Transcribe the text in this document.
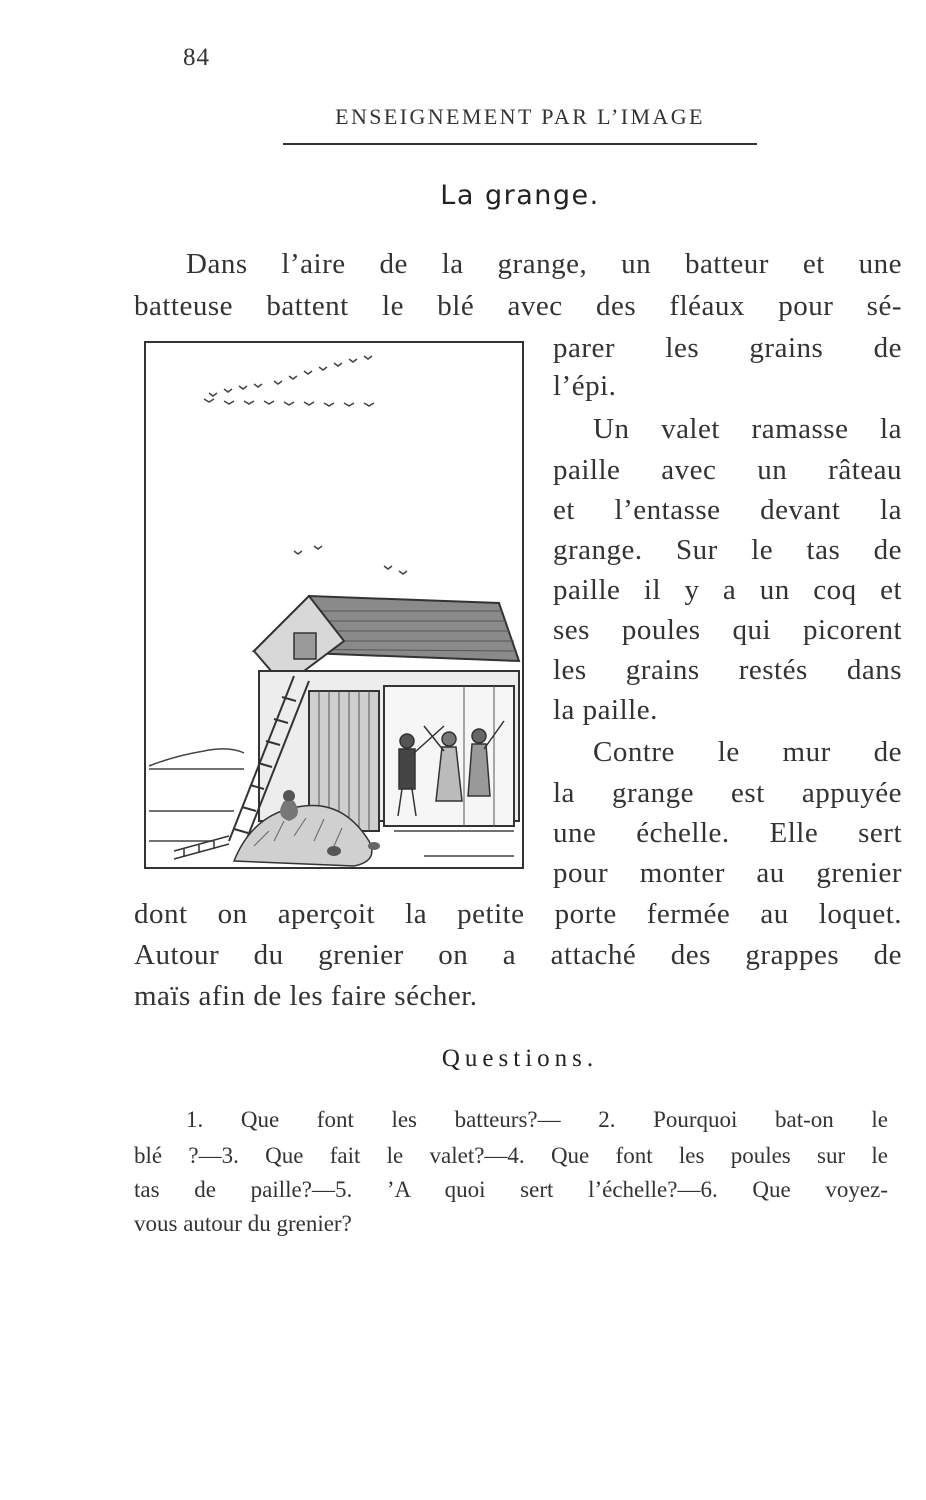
84
ENSEIGNEMENT PAR L’IMAGE
La grange.
Dans l’aire de la grange, un batteur et une
batteuse battent le blé avec des fléaux pour sé-
parer les grains de
l’épi.
Un valet ramasse la
paille avec un râteau
et l’entasse devant la
grange. Sur le tas de
paille il y a un coq et
ses poules qui picorent
les grains restés dans
la paille.
Contre le mur de
la grange est appuyée
une échelle. Elle sert
pour monter au grenier
dont on aperçoit la petite porte fermée au loquet.
Autour du grenier on a attaché des grappes de
maïs afin de les faire sécher.
Questions.
1. Que font les batteurs?— 2. Pourquoi bat-on le
blé ?—3. Que fait le valet?—4. Que font les poules sur le
tas de paille?—5. ’A quoi sert l’échelle?—6. Que voyez-
vous autour du grenier?
